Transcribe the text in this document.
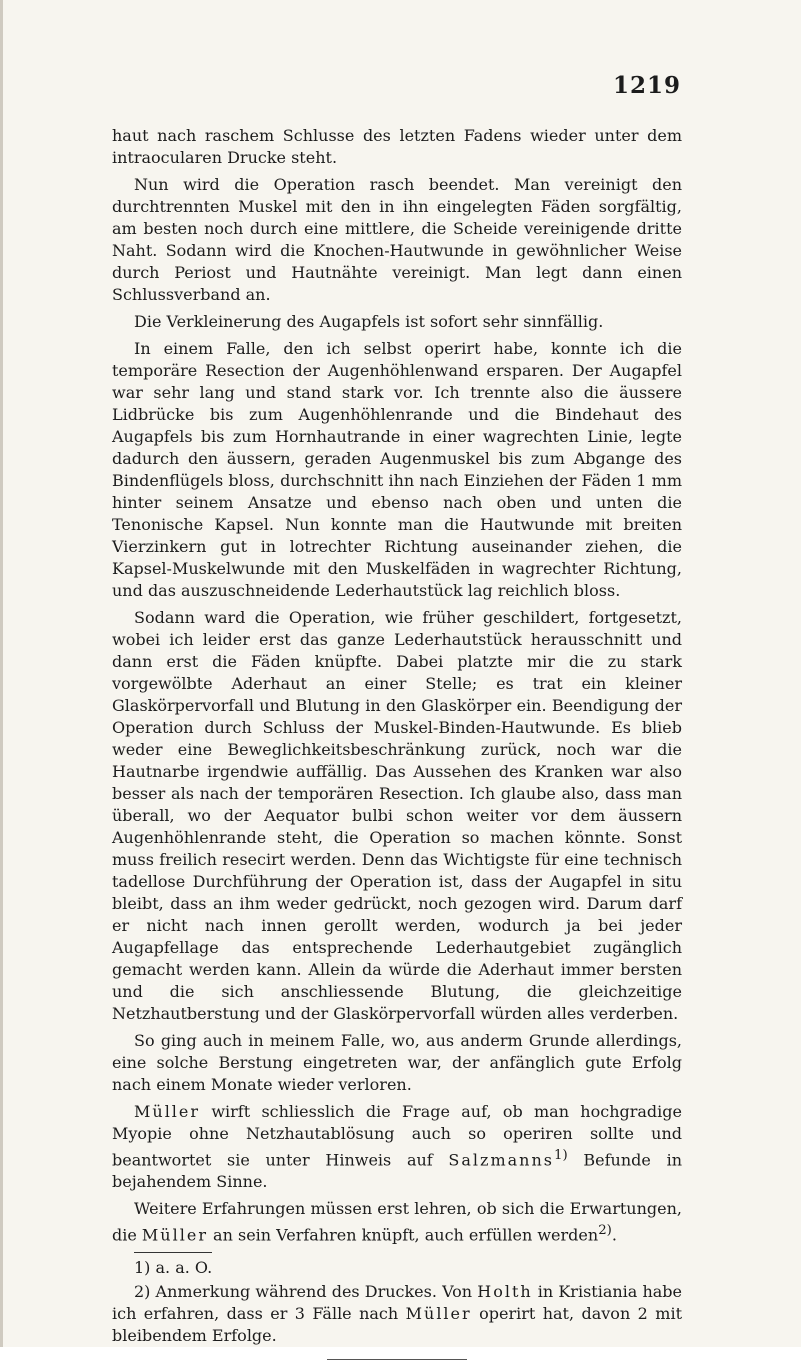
1219

haut nach raschem Schlusse des letzten Fadens wieder unter dem intraocularen Drucke steht.

Nun wird die Operation rasch beendet. Man vereinigt den durchtrennten Muskel mit den in ihn eingelegten Fäden sorgfältig, am besten noch durch eine mittlere, die Scheide vereinigende dritte Naht. Sodann wird die Knochen-Hautwunde in gewöhnlicher Weise durch Periost und Hautnähte vereinigt. Man legt dann einen Schlussverband an.

Die Verkleinerung des Augapfels ist sofort sehr sinnfällig.

In einem Falle, den ich selbst operirt habe, konnte ich die temporäre Resection der Augenhöhlenwand ersparen. Der Augapfel war sehr lang und stand stark vor. Ich trennte also die äussere Lidbrücke bis zum Augenhöhlenrande und die Bindehaut des Augapfels bis zum Hornhautrande in einer wagrechten Linie, legte dadurch den äussern, geraden Augenmuskel bis zum Abgange des Bindenflügels bloss, durchschnitt ihn nach Einziehen der Fäden 1 mm hinter seinem Ansatze und ebenso nach oben und unten die Tenonische Kapsel. Nun konnte man die Hautwunde mit breiten Vierzinkern gut in lotrechter Richtung auseinander ziehen, die Kapsel-Muskelwunde mit den Muskelfäden in wagrechter Richtung, und das auszuschneidende Lederhautstück lag reichlich bloss.

Sodann ward die Operation, wie früher geschildert, fortgesetzt, wobei ich leider erst das ganze Lederhautstück herausschnitt und dann erst die Fäden knüpfte. Dabei platzte mir die zu stark vorgewölbte Aderhaut an einer Stelle; es trat ein kleiner Glaskörpervorfall und Blutung in den Glaskörper ein. Beendigung der Operation durch Schluss der Muskel-Binden-Hautwunde. Es blieb weder eine Beweglichkeitsbeschränkung zurück, noch war die Hautnarbe irgendwie auffällig. Das Aussehen des Kranken war also besser als nach der temporären Resection. Ich glaube also, dass man überall, wo der Aequator bulbi schon weiter vor dem äussern Augenhöhlenrande steht, die Operation so machen könnte. Sonst muss freilich resecirt werden. Denn das Wichtigste für eine technisch tadellose Durchführung der Operation ist, dass der Augapfel in situ bleibt, dass an ihm weder gedrückt, noch gezogen wird. Darum darf er nicht nach innen gerollt werden, wodurch ja bei jeder Augapfellage das entsprechende Lederhautgebiet zugänglich gemacht werden kann. Allein da würde die Aderhaut immer bersten und die sich anschliessende Blutung, die gleichzeitige Netzhautberstung und der Glaskörpervorfall würden alles verderben.

So ging auch in meinem Falle, wo, aus anderm Grunde allerdings, eine solche Berstung eingetreten war, der anfänglich gute Erfolg nach einem Monate wieder verloren.

Müller wirft schliesslich die Frage auf, ob man hochgradige Myopie ohne Netzhautablösung auch so operiren sollte und beantwortet sie unter Hinweis auf Salzmanns$^{1)}$ Befunde in bejahendem Sinne.

Weitere Erfahrungen müssen erst lehren, ob sich die Erwartungen, die Müller an sein Verfahren knüpft, auch erfüllen werden$^{2)}$.

1) a. a. O.

2) Anmerkung während des Druckes. Von Holth in Kristiania habe ich erfahren, dass er 3 Fälle nach Müller operirt hat, davon 2 mit bleibendem Erfolge.
